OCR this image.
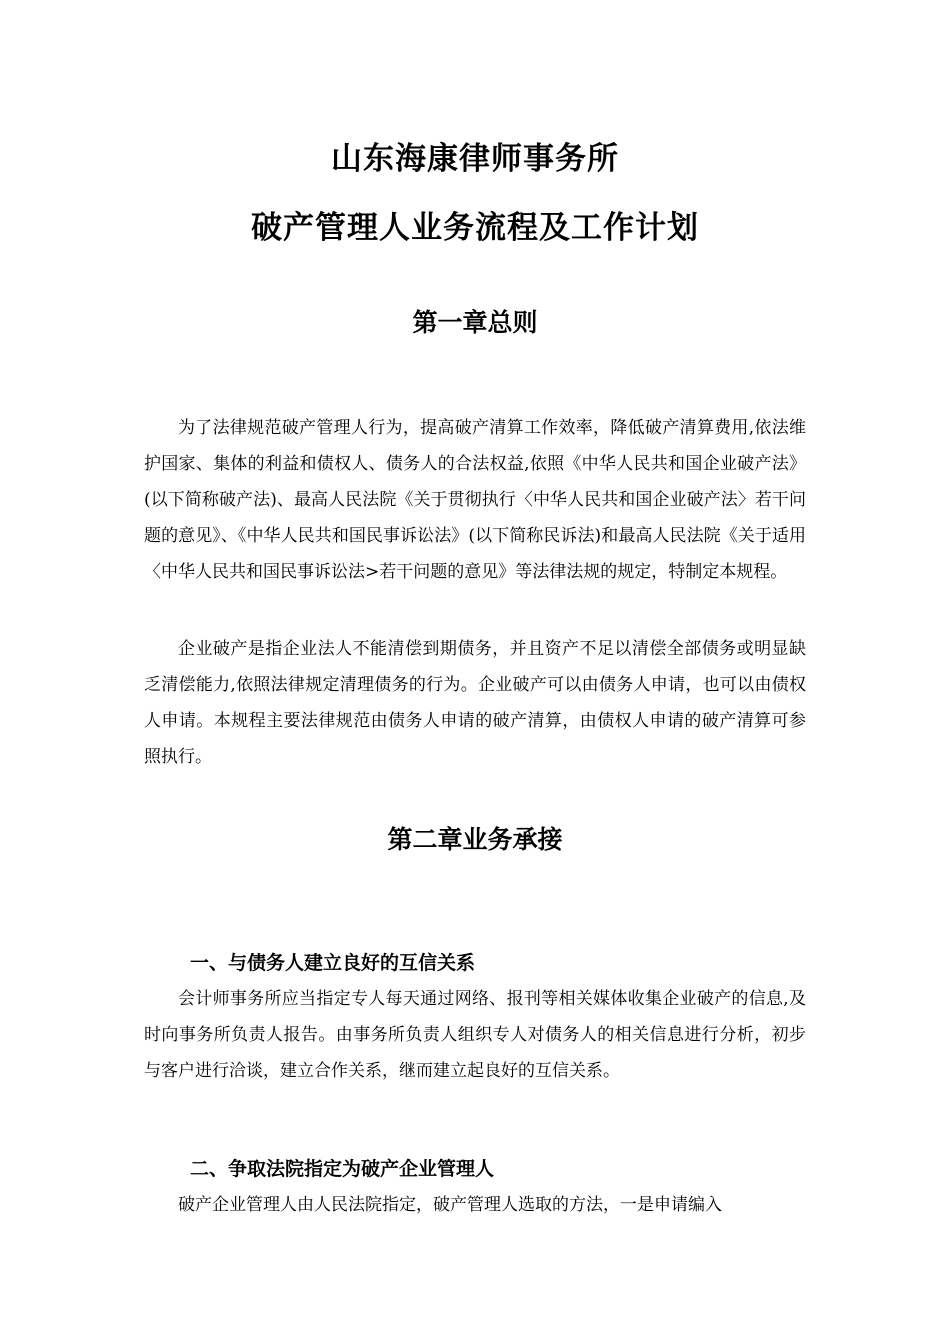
山东海康律师事务所
破产管理人业务流程及工作计划
第一章总则
为了法律规范破产管理人行为，提高破产清算工作效率，降低破产清算费用,依法维护国家、集体的利益和债权人、债务人的合法权益,依照《中华人民共和国企业破产法》(以下简称破产法)、最高人民法院《关于贯彻执行〈中华人民共和国企业破产法〉若干问题的意见》、《中华人民共和国民事诉讼法》(以下简称民诉法)和最高人民法院《关于适用〈中华人民共和国民事诉讼法>若干问题的意见》等法律法规的规定，特制定本规程。
企业破产是指企业法人不能清偿到期债务，并且资产不足以清偿全部债务或明显缺乏清偿能力,依照法律规定清理债务的行为。企业破产可以由债务人申请，也可以由债权人申请。本规程主要法律规范由债务人申请的破产清算，由债权人申请的破产清算可参照执行。
第二章业务承接
一、与债务人建立良好的互信关系
会计师事务所应当指定专人每天通过网络、报刊等相关媒体收集企业破产的信息,及时向事务所负责人报告。由事务所负责人组织专人对债务人的相关信息进行分析，初步与客户进行洽谈，建立合作关系，继而建立起良好的互信关系。
二、争取法院指定为破产企业管理人
破产企业管理人由人民法院指定，破产管理人选取的方法，一是申请编入
